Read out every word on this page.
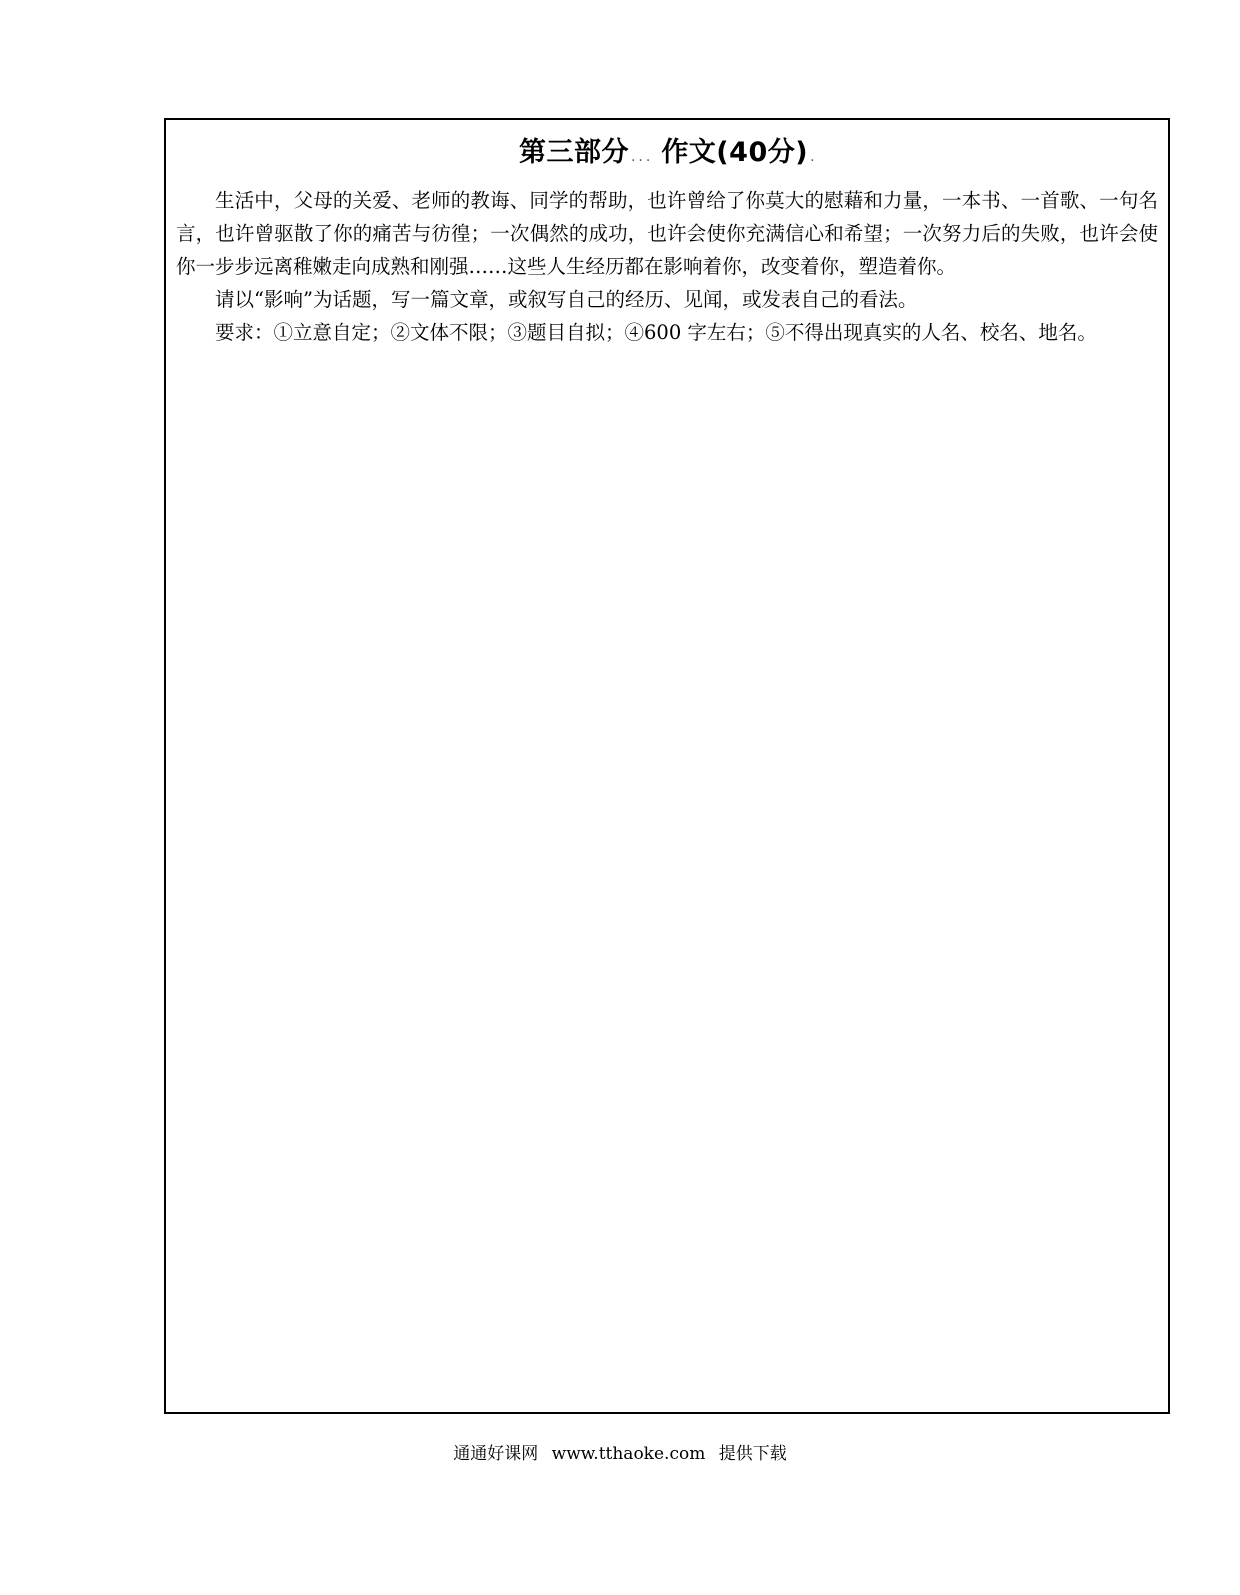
第三部分 ... 作文(40分) .

生活中，父母的关爱、老师的教诲、同学的帮助，也许曾给了你莫大的慰藉和力量，一本书、一首歌、一句名言，也许曾驱散了你的痛苦与彷徨；一次偶然的成功，也许会使你充满信心和希望；一次努力后的失败，也许会使你一步步远离稚嫩走向成熟和刚强……这些人生经历都在影响着你，改变着你，塑造着你。

请以“影响”为话题，写一篇文章，或叙写自己的经历、见闻，或发表自己的看法。

要求：①立意自定；②文体不限；③题目自拟；④600 字左右；⑤不得出现真实的人名、校名、地名。

通通好课网 www.tthaoke.com 提供下载
